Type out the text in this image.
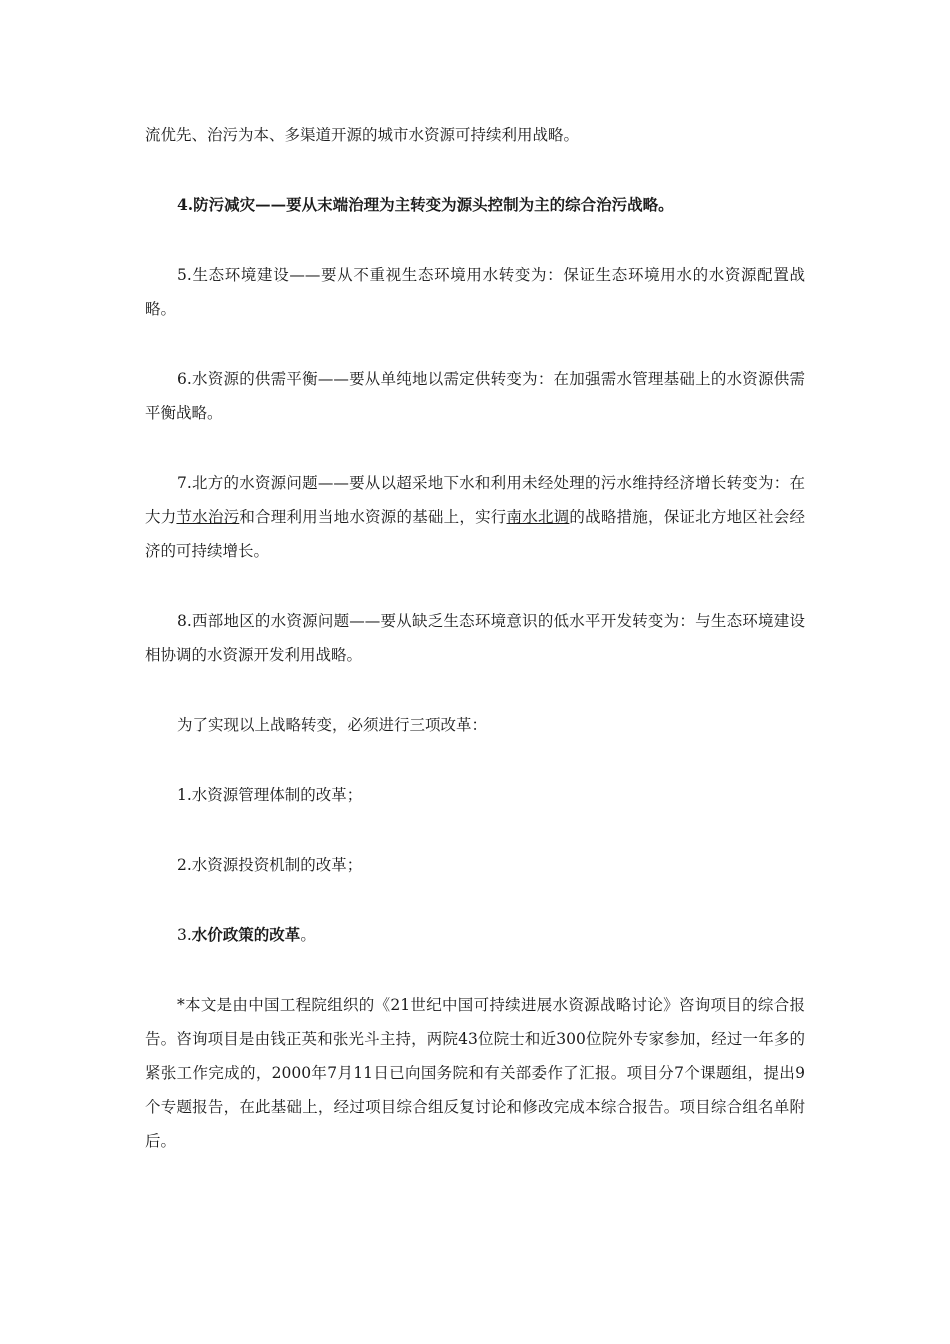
流优先、治污为本、多渠道开源的城市水资源可持续利用战略。

4.防污减灾——要从末端治理为主转变为源头控制为主的综合治污战略。

5.生态环境建设——要从不重视生态环境用水转变为：保证生态环境用水的水资源配置战略。

6.水资源的供需平衡——要从单纯地以需定供转变为：在加强需水管理基础上的水资源供需平衡战略。

7.北方的水资源问题——要从以超采地下水和利用未经处理的污水维持经济增长转变为：在大力节水治污和合理利用当地水资源的基础上，实行南水北调的战略措施，保证北方地区社会经济的可持续增长。

8.西部地区的水资源问题——要从缺乏生态环境意识的低水平开发转变为：与生态环境建设相协调的水资源开发利用战略。

为了实现以上战略转变，必须进行三项改革：

1.水资源管理体制的改革；

2.水资源投资机制的改革；

3.水价政策的改革。

*本文是由中国工程院组织的《21世纪中国可持续进展水资源战略讨论》咨询项目的综合报告。咨询项目是由钱正英和张光斗主持，两院43位院士和近300位院外专家参加，经过一年多的紧张工作完成的，2000年7月11日已向国务院和有关部委作了汇报。项目分7个课题组，提出9个专题报告，在此基础上，经过项目综合组反复讨论和修改完成本综合报告。项目综合组名单附后。
